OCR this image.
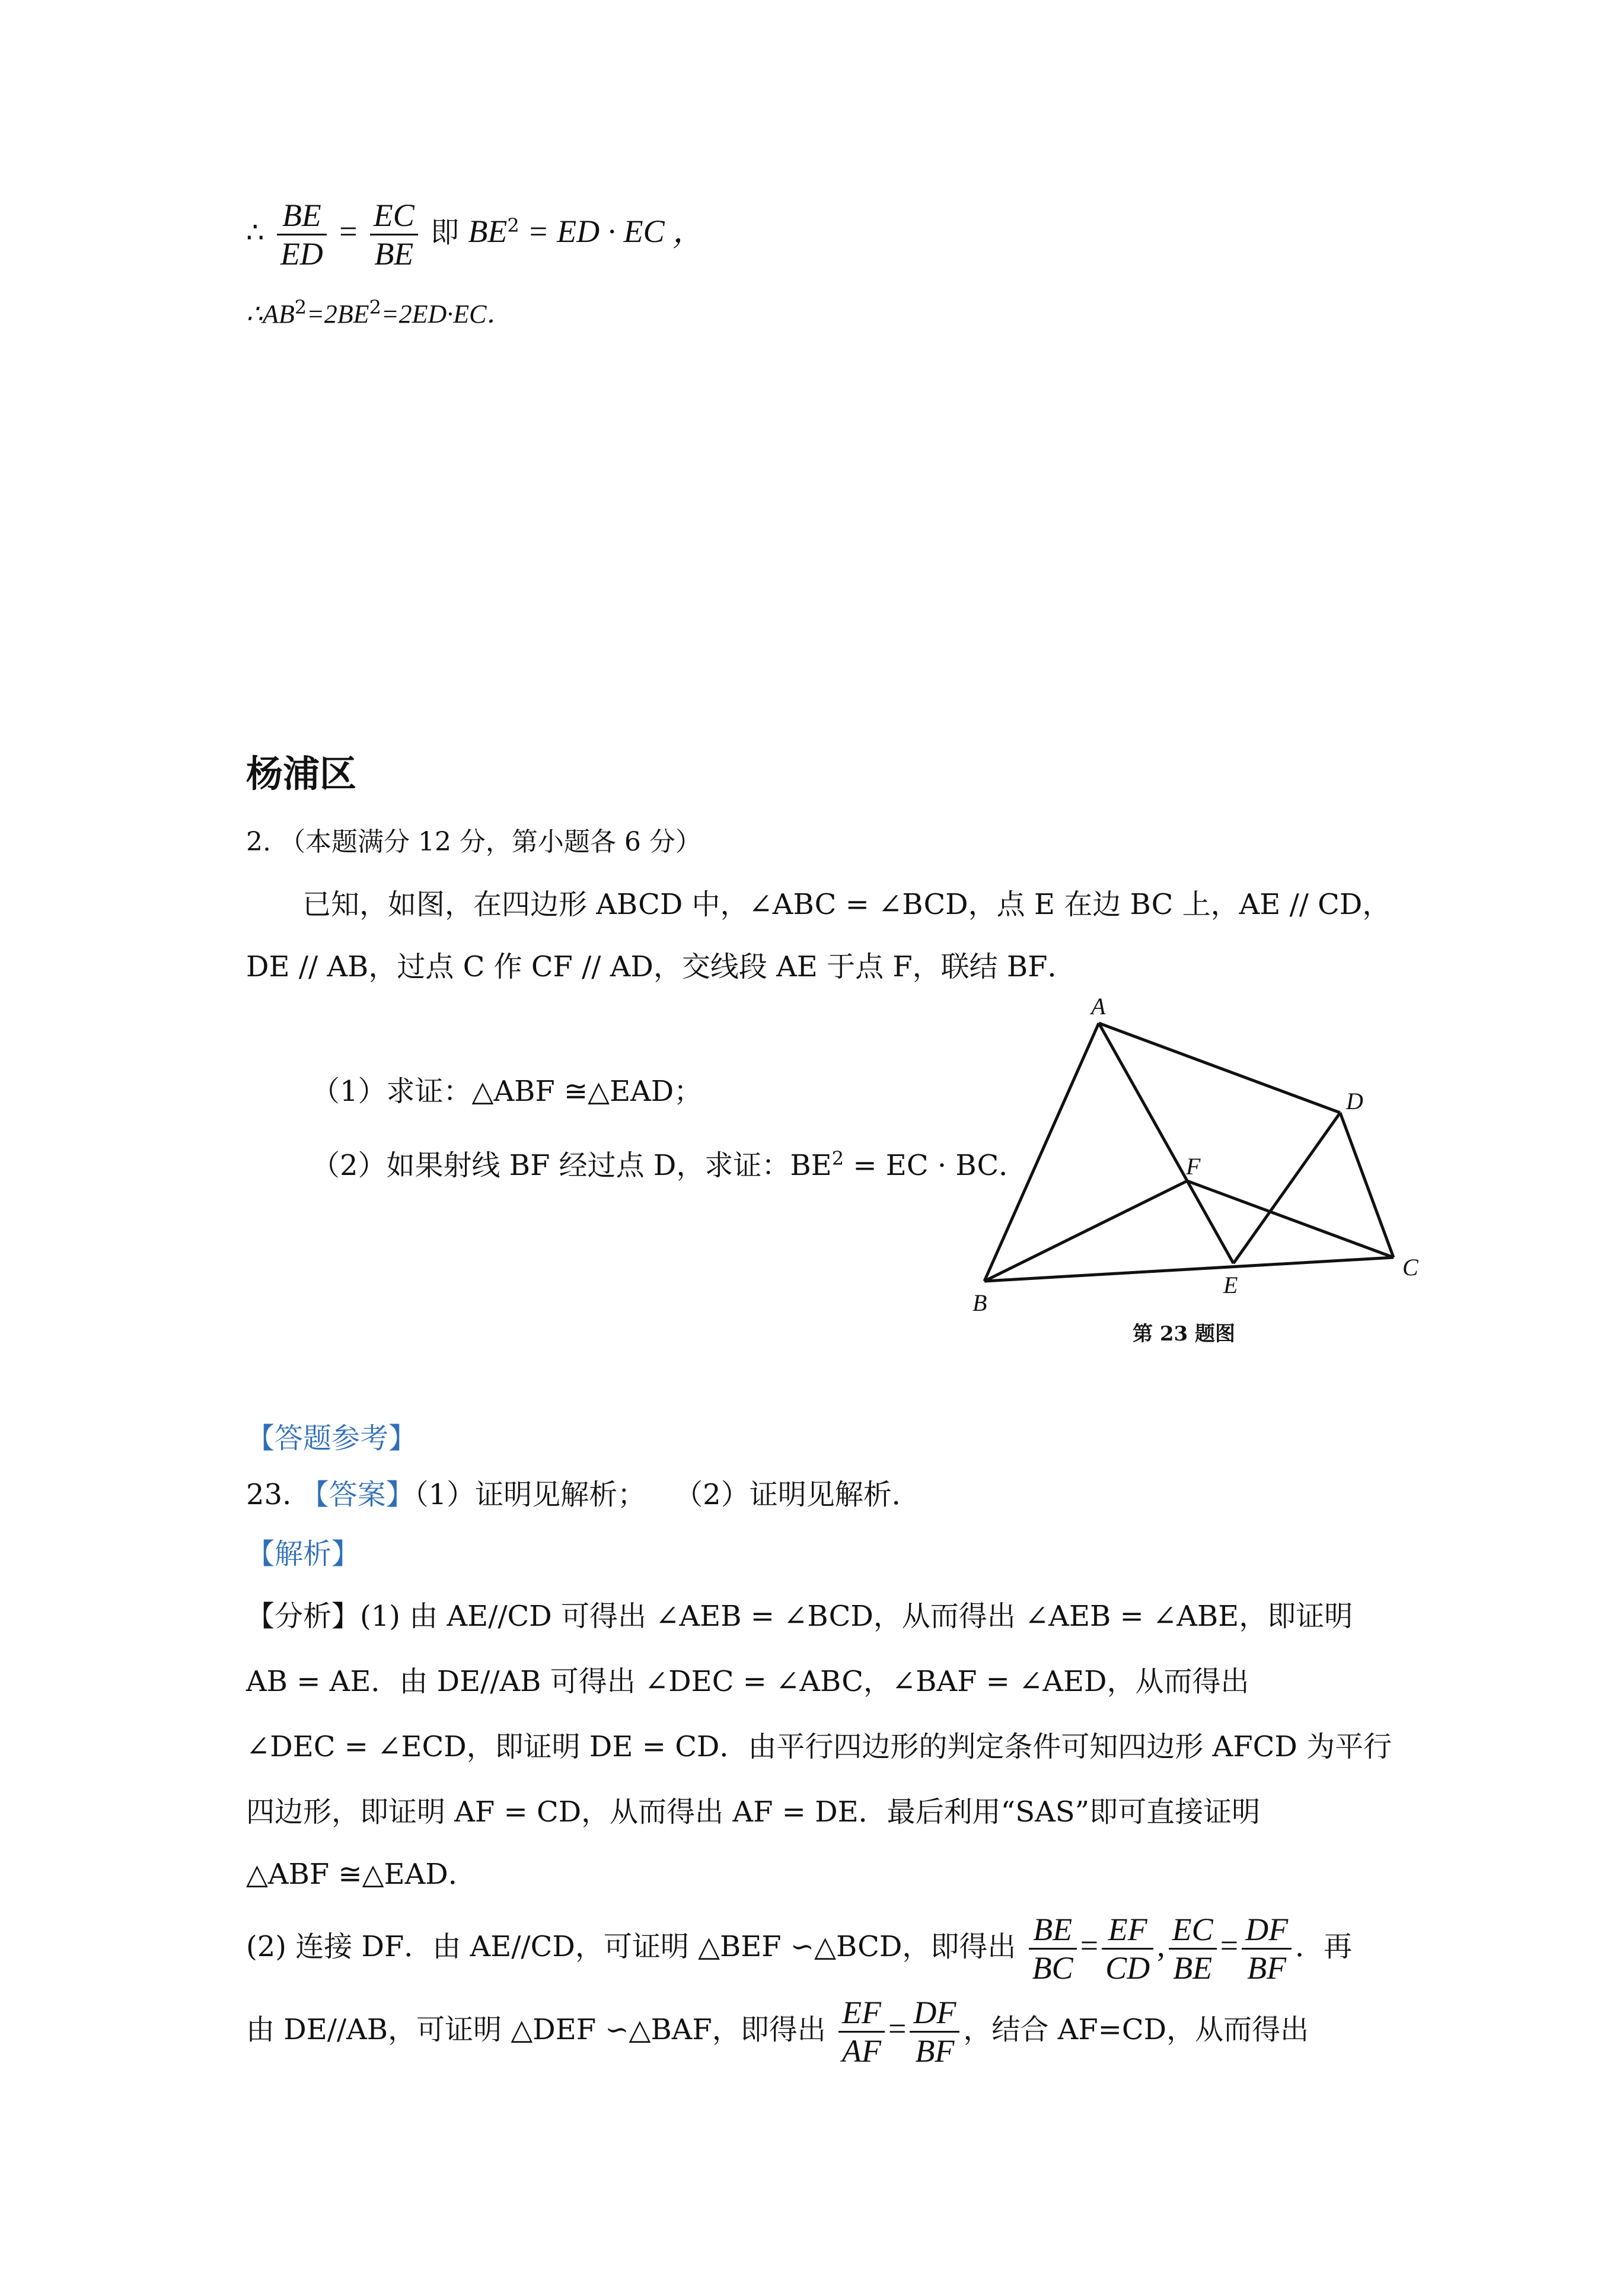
∴ $\frac{BE}{ED} = \frac{EC}{BE}$ 即 $BE^2$ = ED · EC ，
$\therefore AB^2=2BE^2=2ED\cdot EC$．
杨浦区
2. （本题满分 12 分，第小题各 6 分）
已知，如图，在四边形 ABCD 中，∠ABC = ∠BCD，点 E 在边 BC 上，AE // CD，
DE // AB，过点 C 作 CF // AD，交线段 AE 于点 F，联结 BF．
（1）求证：△ABF ≅△EAD；
（2）如果射线 BF 经过点 D，求证：$BE^2$ = EC · BC．
A
D
F
B
E
C
第 23 题图
【答题参考】
23. 【答案】（1）证明见解析；　　（2）证明见解析．
【解析】
【分析】(1) 由 AE//CD 可得出 ∠AEB = ∠BCD，从而得出 ∠AEB = ∠ABE，即证明
AB = AE．由 DE//AB 可得出 ∠DEC = ∠ABC，∠BAF = ∠AED，从而得出
∠DEC = ∠ECD，即证明 DE = CD．由平行四边形的判定条件可知四边形 AFCD 为平行
四边形，即证明 AF = CD，从而得出 AF = DE．最后利用“SAS”即可直接证明
△ABF ≅△EAD．
(2) 连接 DF．由 AE//CD，可证明 △BEF ∽△BCD，即得出 $\frac{BE}{BC} = \frac{EF}{CD}$ , $\frac{EC}{BE} = \frac{DF}{BF}$ ．再
由 DE//AB，可证明 △DEF ∽△BAF，即得出 $\frac{EF}{AF} = \frac{DF}{BF}$ ，结合 AF=CD，从而得出
